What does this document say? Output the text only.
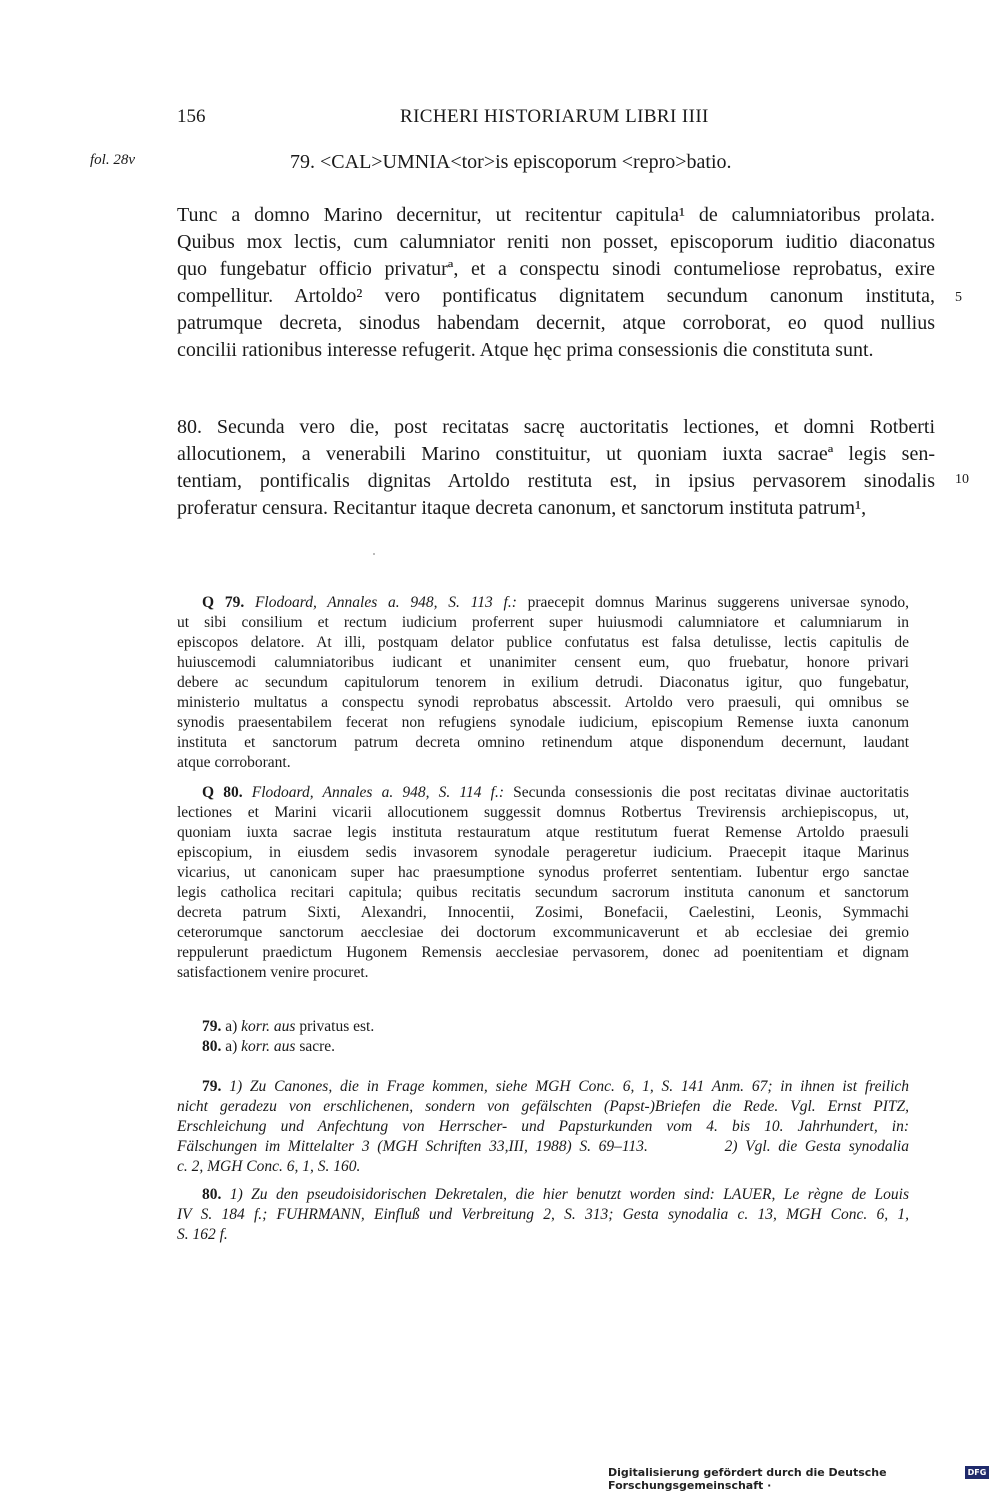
156	RICHERI HISTORIARUM LIBRI IIII
fol. 28v	79. <CAL>UMNIA<tor>is episcoporum <repro>batio.
Tunc a domno Marino decernitur, ut recitentur capitula¹ de calumniatoribus prolata.
Quibus mox lectis, cum calumniator reniti non posset, episcoporum iuditio diaconatus
quo fungebatur officio privaturª, et a conspectu sinodi contumeliose reprobatus, exire
compellitur. Artoldo² vero pontificatus dignitatem secundum canonum instituta,
patrumque decreta, sinodus habendam decernit, atque corroborat, eo quod nullius
concilii rationibus interesse refugerit. Atque hęc prima consessionis die constituta sunt.
5
80. Secunda vero die, post recitatas sacrę auctoritatis lectiones, et domni Rotberti
allocutionem, a venerabili Marino constituitur, ut quoniam iuxta sacraeª legis sen-
tentiam, pontificalis dignitas Artoldo restituta est, in ipsius pervasorem sinodalis
proferatur censura. Recitantur itaque decreta canonum, et sanctorum instituta patrum¹,
10
Q 79. Flodoard, Annales a. 948, S. 113 f.: praecepit domnus Marinus suggerens universae synodo,
ut sibi consilium et rectum iudicium proferrent super huiusmodi calumniatore et calumniarum in
episcopos delatore. At illi, postquam delator publice confutatus est falsa detulisse, lectis capitulis de
huiuscemodi calumniatoribus iudicant et unanimiter censent eum, quo fruebatur, honore privari
debere ac secundum capitulorum tenorem in exilium detrudi. Diaconatus igitur, quo fungebatur,
ministerio multatus a conspectu synodi reprobatus abscessit. Artoldo vero praesuli, qui omnibus se
synodis praesentabilem fecerat non refugiens synodale iudicium, episcopium Remense iuxta canonum
instituta et sanctorum patrum decreta omnino retinendum atque disponendum decernunt, laudant
atque corroborant.
Q 80. Flodoard, Annales a. 948, S. 114 f.: Secunda consessionis die post recitatas divinae auctoritatis
lectiones et Marini vicarii allocutionem suggessit domnus Rotbertus Trevirensis archiepiscopus, ut,
quoniam iuxta sacrae legis instituta restauratum atque restitutum fuerat Remense Artoldo praesuli
episcopium, in eiusdem sedis invasorem synodale perageretur iudicium. Praecepit itaque Marinus
vicarius, ut canonicam super hac praesumptione synodus proferret sententiam. Iubentur ergo sanctae
legis catholica recitari capitula; quibus recitatis secundum sacrorum instituta canonum et sanctorum
decreta patrum Sixti, Alexandri, Innocentii, Zosimi, Bonefacii, Caelestini, Leonis, Symmachi
ceterorumque sanctorum aecclesiae dei doctorum excommunicaverunt et ab ecclesiae dei gremio
reppulerunt praedictum Hugonem Remensis aecclesiae pervasorem, donec ad poenitentiam et dignam
satisfactionem venire procuret.
79. a) korr. aus privatus est.
80. a) korr. aus sacre.
79. 1) Zu Canones, die in Frage kommen, siehe MGH Conc. 6, 1, S. 141 Anm. 67; in ihnen ist freilich
nicht geradezu von erschlichenen, sondern von gefälschten (Papst-)Briefen die Rede. Vgl. Ernst PITZ,
Erschleichung und Anfechtung von Herrscher- und Papsturkunden vom 4. bis 10. Jahrhundert, in:
Fälschungen im Mittelalter 3 (MGH Schriften 33,III, 1988) S. 69–113.          2) Vgl. die Gesta synodalia
c. 2, MGH Conc. 6, 1, S. 160.
80. 1) Zu den pseudoisidorischen Dekretalen, die hier benutzt worden sind: LAUER, Le règne de Louis
IV S. 184 f.; FUHRMANN, Einfluß und Verbreitung 2, S. 313; Gesta synodalia c. 13, MGH Conc. 6, 1,
S. 162 f.
Digitalisierung gefördert durch die Deutsche Forschungsgemeinschaft ·
DFG
